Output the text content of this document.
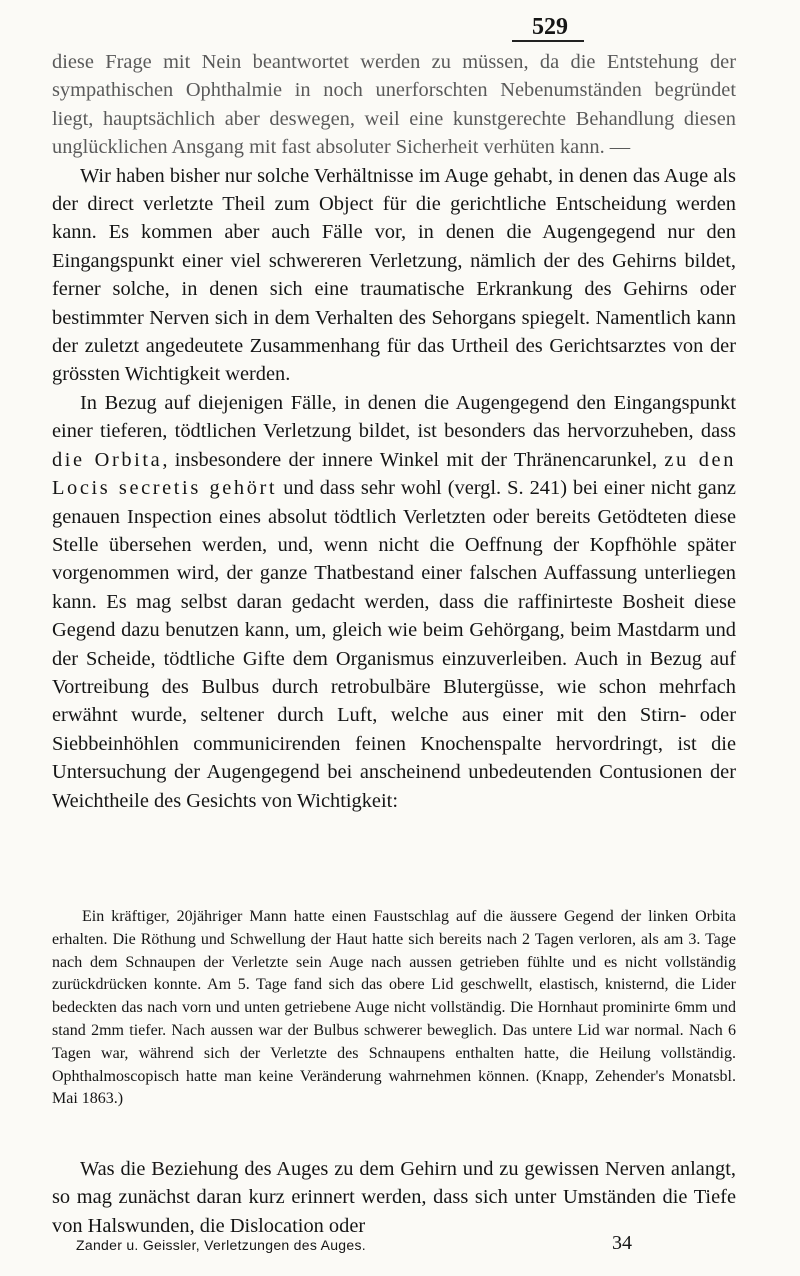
529

diese Frage mit Nein beantwortet werden zu müssen, da die Entstehung der sympathischen Ophthalmie in noch unerforschten Nebenumständen begründet liegt, hauptsächlich aber deswegen, weil eine kunstgerechte Behandlung diesen unglücklichen Ansgang mit fast absoluter Sicherheit verhüten kann. —

Wir haben bisher nur solche Verhältnisse im Auge gehabt, in denen das Auge als der direct verletzte Theil zum Object für die gerichtliche Entscheidung werden kann. Es kommen aber auch Fälle vor, in denen die Augengegend nur den Eingangspunkt einer viel schwereren Verletzung, nämlich der des Gehirns bildet, ferner solche, in denen sich eine traumatische Erkrankung des Gehirns oder bestimmter Nerven sich in dem Verhalten des Sehorgans spiegelt. Namentlich kann der zuletzt angedeutete Zusammenhang für das Urtheil des Gerichtsarztes von der grössten Wichtigkeit werden.

In Bezug auf diejenigen Fälle, in denen die Augengegend den Eingangspunkt einer tieferen, tödtlichen Verletzung bildet, ist besonders das hervorzuheben, dass die Orbita, insbesondere der innere Winkel mit der Thränencarunkel, zu den Locis secretis gehört und dass sehr wohl (vergl. S. 241) bei einer nicht ganz genauen Inspection eines absolut tödtlich Verletzten oder bereits Getödteten diese Stelle übersehen werden, und, wenn nicht die Oeffnung der Kopfhöhle später vorgenommen wird, der ganze Thatbestand einer falschen Auffassung unterliegen kann. Es mag selbst daran gedacht werden, dass die raffinirteste Bosheit diese Gegend dazu benutzen kann, um, gleich wie beim Gehörgang, beim Mastdarm und der Scheide, tödtliche Gifte dem Organismus einzuverleiben. Auch in Bezug auf Vortreibung des Bulbus durch retrobulbäre Blutergüsse, wie schon mehrfach erwähnt wurde, seltener durch Luft, welche aus einer mit den Stirn- oder Siebbeinhöhlen communicirenden feinen Knochenspalte hervordringt, ist die Untersuchung der Augengegend bei anscheinend unbedeutenden Contusionen der Weichtheile des Gesichts von Wichtigkeit:

Ein kräftiger, 20jähriger Mann hatte einen Faustschlag auf die äussere Gegend der linken Orbita erhalten. Die Röthung und Schwellung der Haut hatte sich bereits nach 2 Tagen verloren, als am 3. Tage nach dem Schnaupen der Verletzte sein Auge nach aussen getrieben fühlte und es nicht vollständig zurückdrücken konnte. Am 5. Tage fand sich das obere Lid geschwellt, elastisch, knisternd, die Lider bedeckten das nach vorn und unten getriebene Auge nicht vollständig. Die Hornhaut prominirte 6mm und stand 2mm tiefer. Nach aussen war der Bulbus schwerer beweglich. Das untere Lid war normal. Nach 6 Tagen war, während sich der Verletzte des Schnaupens enthalten hatte, die Heilung vollständig. Ophthalmoscopisch hatte man keine Veränderung wahrnehmen können. (Knapp, Zehender's Monatsbl. Mai 1863.)

Was die Beziehung des Auges zu dem Gehirn und zu gewissen Nerven anlangt, so mag zunächst daran kurz erinnert werden, dass sich unter Umständen die Tiefe von Halswunden, die Dislocation oder

Zander u. Geissler, Verletzungen des Auges.	34
